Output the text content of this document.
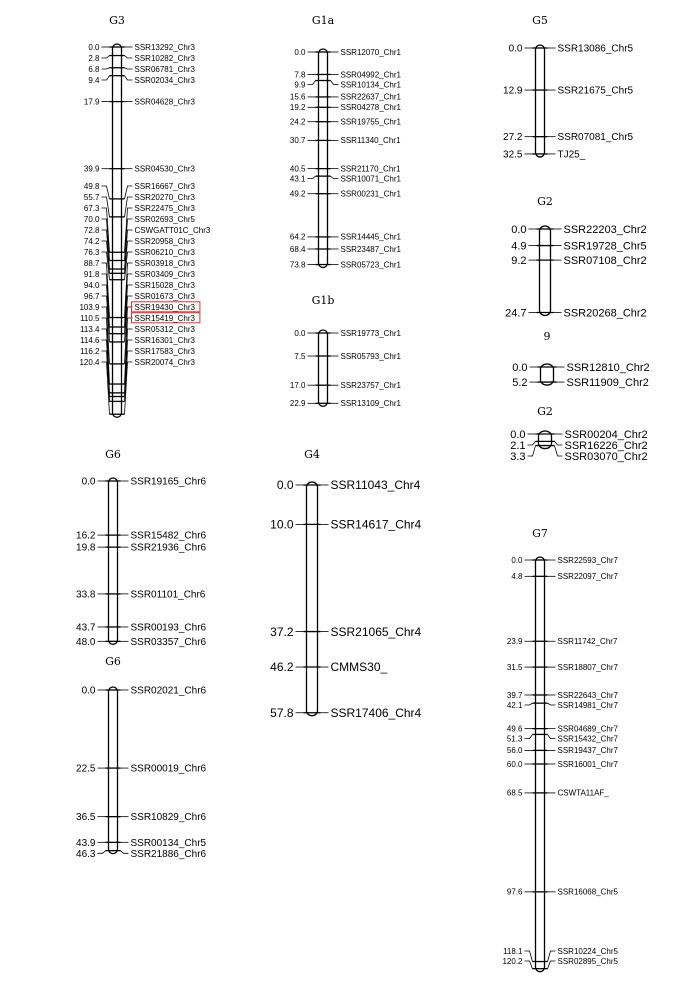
G3
0.0	SSR13292_Chr3
2.8	SSR10282_Chr3
6.8	SSR06781_Chr3
9.4	SSR02034_Chr3
17.9	SSR04628_Chr3
39.9	SSR04530_Chr3
49.8	SSR16667_Chr3
55.7	SSR20270_Chr3
67.3	SSR22475_Chr3
70.0	SSR02693_Chr5
72.8	CSWGATT01C_Chr3
74.2	SSR20958_Chr3
76.3	SSR06210_Chr3
88.7	SSR03918_Chr3
91.8	SSR03409_Chr3
94.0	SSR15028_Chr3
96.7	SSR01673_Chr3
103.9	SSR19430_Chr3
110.5	SSR15419_Chr3
113.4	SSR05312_Chr3
114.6	SSR16301_Chr3
116.2	SSR17583_Chr3
120.4	SSR20074_Chr3
G1a
0.0	SSR12070_Chr1
7.8	SSR04992_Chr1
9.9	SSR10134_Chr1
15.6	SSR22637_Chr1
19.2	SSR04278_Chr1
24.2	SSR19755_Chr1
30.7	SSR11340_Chr1
40.5	SSR21170_Chr1
43.1	SSR10071_Chr1
49.2	SSR00231_Chr1
64.2	SSR14445_Chr1
68.4	SSR23487_Chr1
73.8	SSR05723_Chr1
G1b
0.0	SSR19773_Chr1
7.5	SSR05793_Chr1
17.0	SSR23757_Chr1
22.9	SSR13109_Chr1
G5
0.0	SSR13086_Chr5
12.9	SSR21675_Chr5
27.2	SSR07081_Chr5
32.5	TJ25_
G2
0.0	SSR22203_Chr2
4.9	SSR19728_Chr5
9.2	SSR07108_Chr2
24.7	SSR20268_Chr2
9
0.0	SSR12810_Chr2
5.2	SSR11909_Chr2
G2
0.0	SSR00204_Chr2
2.1	SSR16226_Chr2
3.3	SSR03070_Chr2
G6
0.0	SSR19165_Chr6
16.2	SSR15482_Chr6
19.8	SSR21936_Chr6
33.8	SSR01101_Chr6
43.7	SSR00193_Chr6
48.0	SSR03357_Chr6
G4
0.0	SSR11043_Chr4
10.0	SSR14617_Chr4
37.2	SSR21065_Chr4
46.2	CMMS30_
57.8	SSR17406_Chr4
G6
0.0	SSR02021_Chr6
22.5	SSR00019_Chr6
36.5	SSR10829_Chr6
43.9	SSR00134_Chr5
46.3	SSR21886_Chr6
G7
0.0	SSR22593_Chr7
4.8	SSR22097_Chr7
23.9	SSR11742_Chr7
31.5	SSR18807_Chr7
39.7	SSR22643_Chr7
42.1	SSR14981_Chr7
49.6	SSR04689_Chr7
51.3	SSR15432_Chr7
56.0	SSR19437_Chr7
60.0	SSR16001_Chr7
68.5	CSWTA11AF_
97.6	SSR16068_Chr5
118.1	SSR10224_Chr5
120.2	SSR02895_Chr5
